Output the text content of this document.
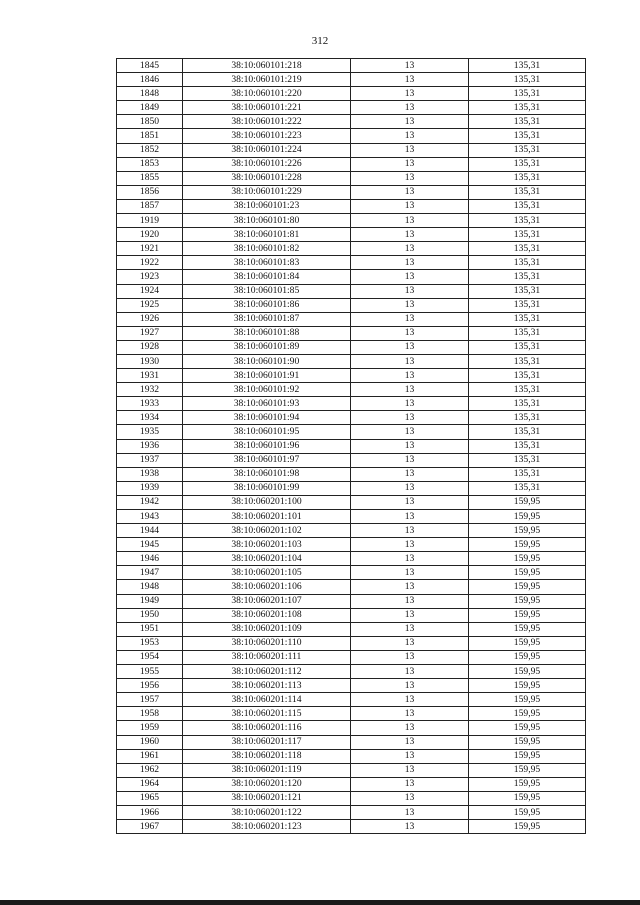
312
1845	38:10:060101:218	13	135,31
1846	38:10:060101:219	13	135,31
1848	38:10:060101:220	13	135,31
1849	38:10:060101:221	13	135,31
1850	38:10:060101:222	13	135,31
1851	38:10:060101:223	13	135,31
1852	38:10:060101:224	13	135,31
1853	38:10:060101:226	13	135,31
1855	38:10:060101:228	13	135,31
1856	38:10:060101:229	13	135,31
1857	38:10:060101:23	13	135,31
1919	38:10:060101:80	13	135,31
1920	38:10:060101:81	13	135,31
1921	38:10:060101:82	13	135,31
1922	38:10:060101:83	13	135,31
1923	38:10:060101:84	13	135,31
1924	38:10:060101:85	13	135,31
1925	38:10:060101:86	13	135,31
1926	38:10:060101:87	13	135,31
1927	38:10:060101:88	13	135,31
1928	38:10:060101:89	13	135,31
1930	38:10:060101:90	13	135,31
1931	38:10:060101:91	13	135,31
1932	38:10:060101:92	13	135,31
1933	38:10:060101:93	13	135,31
1934	38:10:060101:94	13	135,31
1935	38:10:060101:95	13	135,31
1936	38:10:060101:96	13	135,31
1937	38:10:060101:97	13	135,31
1938	38:10:060101:98	13	135,31
1939	38:10:060101:99	13	135,31
1942	38:10:060201:100	13	159,95
1943	38:10:060201:101	13	159,95
1944	38:10:060201:102	13	159,95
1945	38:10:060201:103	13	159,95
1946	38:10:060201:104	13	159,95
1947	38:10:060201:105	13	159,95
1948	38:10:060201:106	13	159,95
1949	38:10:060201:107	13	159,95
1950	38:10:060201:108	13	159,95
1951	38:10:060201:109	13	159,95
1953	38:10:060201:110	13	159,95
1954	38:10:060201:111	13	159,95
1955	38:10:060201:112	13	159,95
1956	38:10:060201:113	13	159,95
1957	38:10:060201:114	13	159,95
1958	38:10:060201:115	13	159,95
1959	38:10:060201:116	13	159,95
1960	38:10:060201:117	13	159,95
1961	38:10:060201:118	13	159,95
1962	38:10:060201:119	13	159,95
1964	38:10:060201:120	13	159,95
1965	38:10:060201:121	13	159,95
1966	38:10:060201:122	13	159,95
1967	38:10:060201:123	13	159,95
